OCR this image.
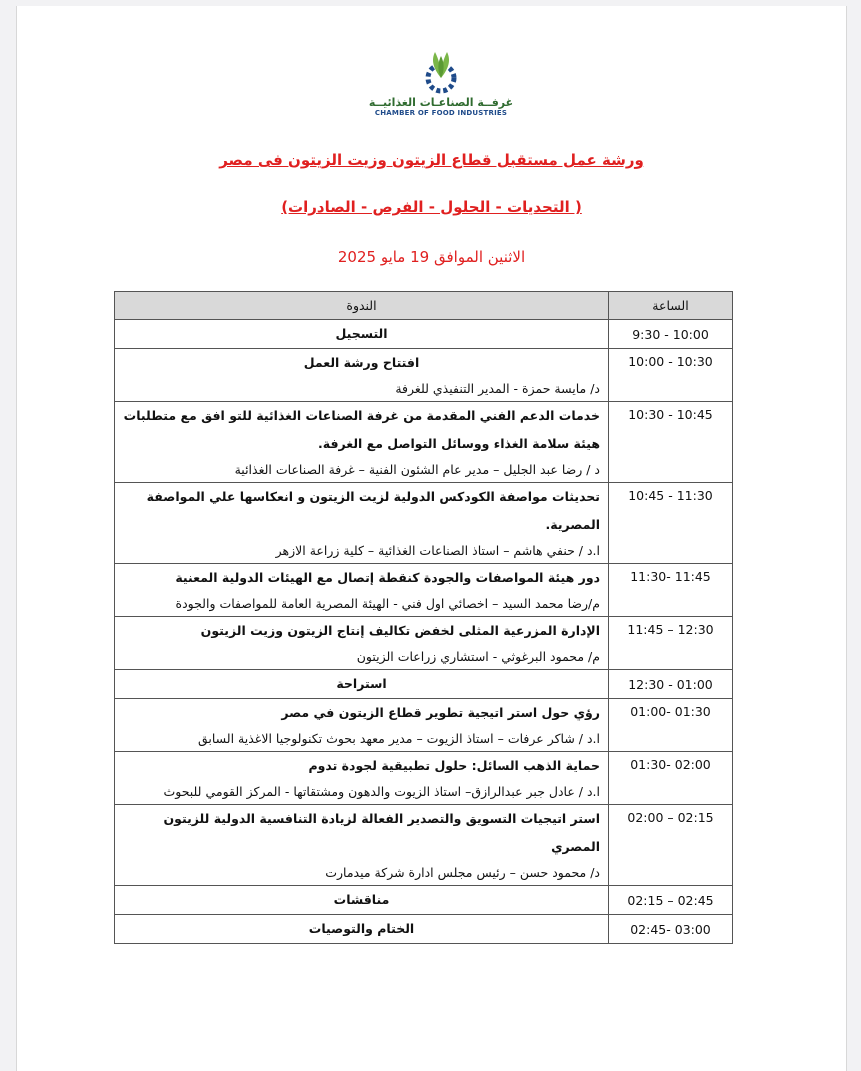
غرفــة الصناعـات الغذائيــة
CHAMBER OF FOOD INDUSTRIES
ورشة عمل مستقبل قطاع الزيتون وزيت الزيتون فى مصر
( التحديات - الحلول - الفرص - الصادرات)
الاثنين الموافق 19 مايو 2025
الساعة	الندوة
9:30 - 10:00	التسجيل

10:00 - 10:30	افتتاح ورشة العمل
د/ مايسة حمزة - المدير التنفيذي للغرفة

10:30 - 10:45	خدمات الدعم الفني المقدمة من غرفة الصناعات الغذائية للتو افق مع متطلبات هيئة سلامة الغذاء ووسائل التواصل مع الغرفة.
د / رضا عبد الجليل – مدير عام الشئون الفنية – غرفة الصناعات الغذائية

10:45 - 11:30	تحديثات مواصفة الكودكس الدولية لزيت الزيتون و انعكاسها علي المواصفة المصرية.
ا.د / حنفي هاشم – استاذ الصناعات الغذائية – كلية زراعة الازهر

11:30- 11:45	دور هيئة المواصفات والجودة كنقطة إتصال مع الهيئات الدولية المعنية
م/رضا محمد السيد – اخصائي اول فني - الهيئة المصرية العامة للمواصفات والجودة

11:45 – 12:30	الإدارة المزرعية المثلى لخفض تكاليف إنتاج الزيتون وزيت الزيتون
م/ محمود البرغوثي - استشاري زراعات الزيتون

12:30 - 01:00	استراحة

01:00- 01:30	رؤي حول استر اتيجية تطوير قطاع الزيتون في مصر
ا.د / شاكر عرفات – استاذ الزيوت – مدير معهد بحوث تكنولوجيا الاغذية السابق

01:30- 02:00	حماية الذهب السائل: حلول تطبيقية لجودة تدوم
ا.د / عادل جبر عبدالرازق– استاذ الزيوت والدهون ومشتقاتها - المركز القومي للبحوث

02:00 – 02:15	استر اتيجيات التسويق والتصدير الفعالة لزيادة التنافسية الدولية للزيتون المصري
د/ محمود حسن – رئيس مجلس ادارة شركة ميدمارت

02:15 – 02:45	مناقشات

02:45- 03:00	الختام والتوصيات
